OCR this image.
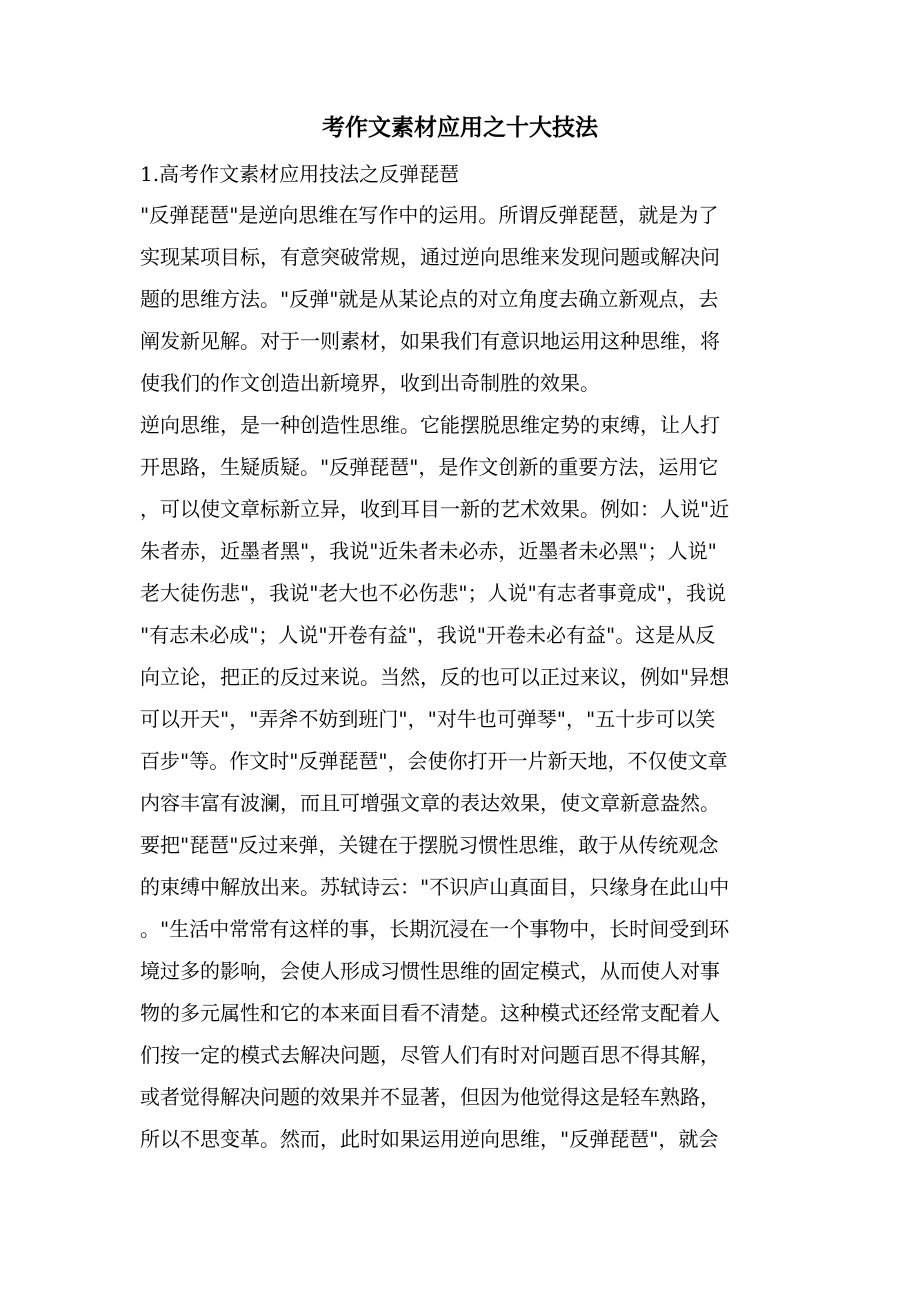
考作文素材应用之十大技法

1.高考作文素材应用技法之反弹琵琶

"反弹琵琶"是逆向思维在写作中的运用。所谓反弹琵琶，就是为了

实现某项目标，有意突破常规，通过逆向思维来发现问题或解决问

题的思维方法。"反弹"就是从某论点的对立角度去确立新观点，去

阐发新见解。对于一则素材，如果我们有意识地运用这种思维，将

使我们的作文创造出新境界，收到出奇制胜的效果。

逆向思维，是一种创造性思维。它能摆脱思维定势的束缚，让人打

开思路，生疑质疑。"反弹琵琶"，是作文创新的重要方法，运用它

，可以使文章标新立异，收到耳目一新的艺术效果。例如：人说"近

朱者赤，近墨者黑"，我说"近朱者未必赤，近墨者未必黑"；人说"

老大徒伤悲"，我说"老大也不必伤悲"；人说"有志者事竟成"，我说

"有志未必成"；人说"开卷有益"，我说"开卷未必有益"。这是从反

向立论，把正的反过来说。当然，反的也可以正过来议，例如"异想

可以开天"，"弄斧不妨到班门"，"对牛也可弹琴"，"五十步可以笑

百步"等。作文时"反弹琵琶"，会使你打开一片新天地，不仅使文章

内容丰富有波澜，而且可增强文章的表达效果，使文章新意盎然。

要把"琵琶"反过来弹，关键在于摆脱习惯性思维，敢于从传统观念

的束缚中解放出来。苏轼诗云："不识庐山真面目，只缘身在此山中

。"生活中常常有这样的事，长期沉浸在一个事物中，长时间受到环

境过多的影响，会使人形成习惯性思维的固定模式，从而使人对事

物的多元属性和它的本来面目看不清楚。这种模式还经常支配着人

们按一定的模式去解决问题，尽管人们有时对问题百思不得其解，

或者觉得解决问题的效果并不显著，但因为他觉得这是轻车熟路，

所以不思变革。然而，此时如果运用逆向思维，"反弹琵琶"，就会
